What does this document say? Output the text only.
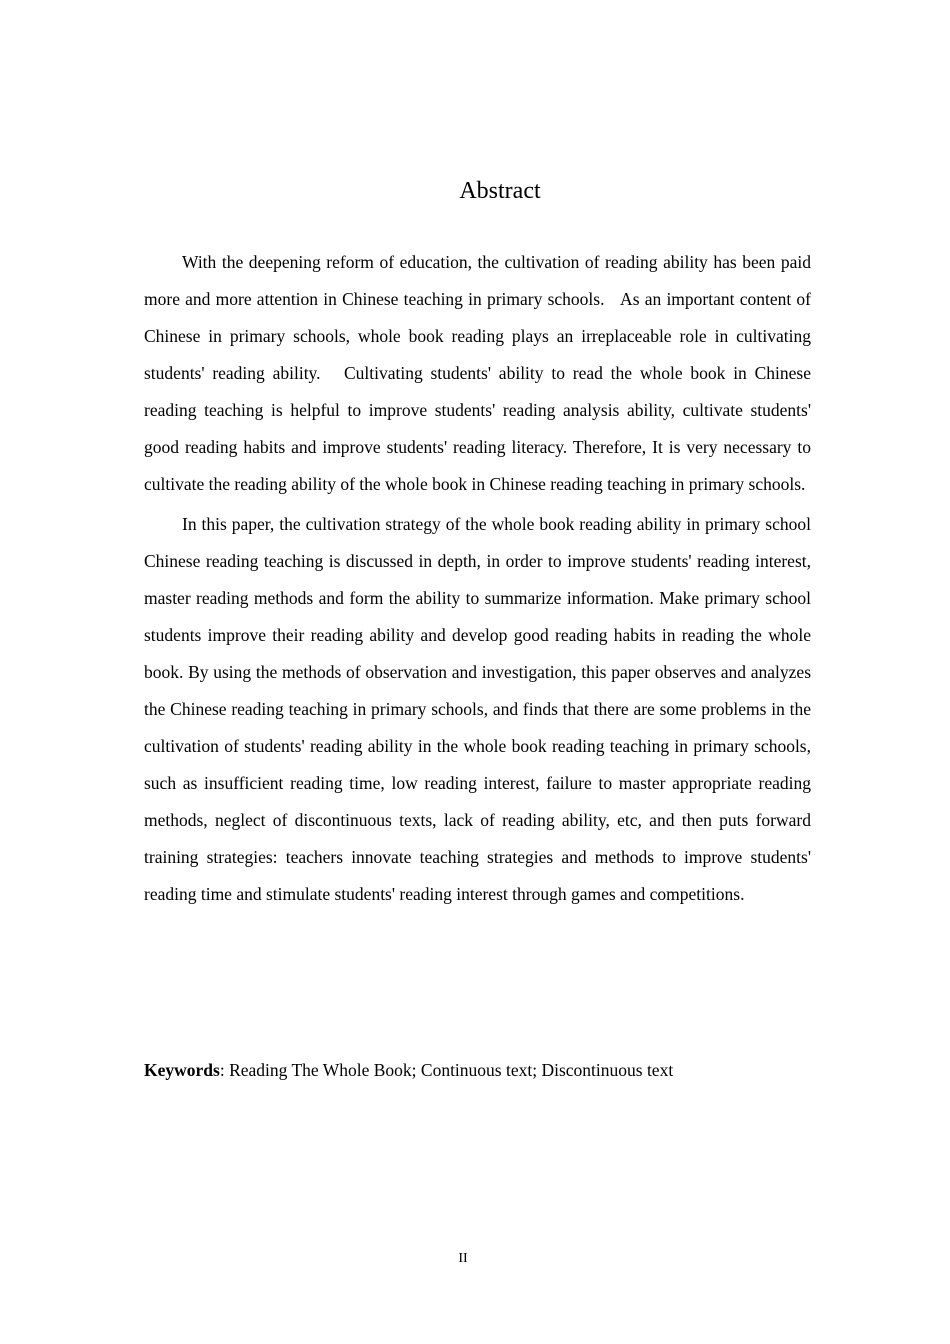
Abstract

With the deepening reform of education, the cultivation of reading ability has been paid more and more attention in Chinese teaching in primary schools.   As an important content of Chinese in primary schools, whole book reading plays an irreplaceable role in cultivating students' reading ability.   Cultivating students' ability to read the whole book in Chinese reading teaching is helpful to improve students' reading analysis ability, cultivate students' good reading habits and improve students' reading literacy. Therefore, It is very necessary to cultivate the reading ability of the whole book in Chinese reading teaching in primary schools.

In this paper, the cultivation strategy of the whole book reading ability in primary school Chinese reading teaching is discussed in depth, in order to improve students' reading interest, master reading methods and form the ability to summarize information. Make primary school students improve their reading ability and develop good reading habits in reading the whole book. By using the methods of observation and investigation, this paper observes and analyzes the Chinese reading teaching in primary schools, and finds that there are some problems in the cultivation of students' reading ability in the whole book reading teaching in primary schools, such as insufficient reading time, low reading interest, failure to master appropriate reading methods, neglect of discontinuous texts, lack of reading ability, etc, and then puts forward training strategies: teachers innovate teaching strategies and methods to improve students' reading time and stimulate students' reading interest through games and competitions.

Keywords: Reading The Whole Book; Continuous text; Discontinuous text

II
